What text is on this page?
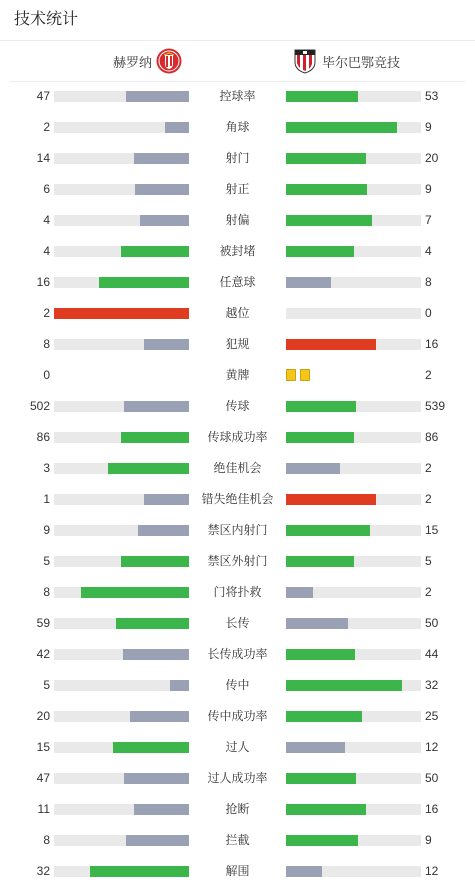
技术统计
赫罗纳	毕尔巴鄂竞技
47	控球率	53
2	角球	9
14	射门	20
6	射正	9
4	射偏	7
4	被封堵	4
16	任意球	8
2	越位	0
8	犯规	16
0	黄牌	2
502	传球	539
86	传球成功率	86
3	绝佳机会	2
1	错失绝佳机会	2
9	禁区内射门	15
5	禁区外射门	5
8	门将扑救	2
59	长传	50
42	长传成功率	44
5	传中	32
20	传中成功率	25
15	过人	12
47	过人成功率	50
11	抢断	16
8	拦截	9
32	解围	12
